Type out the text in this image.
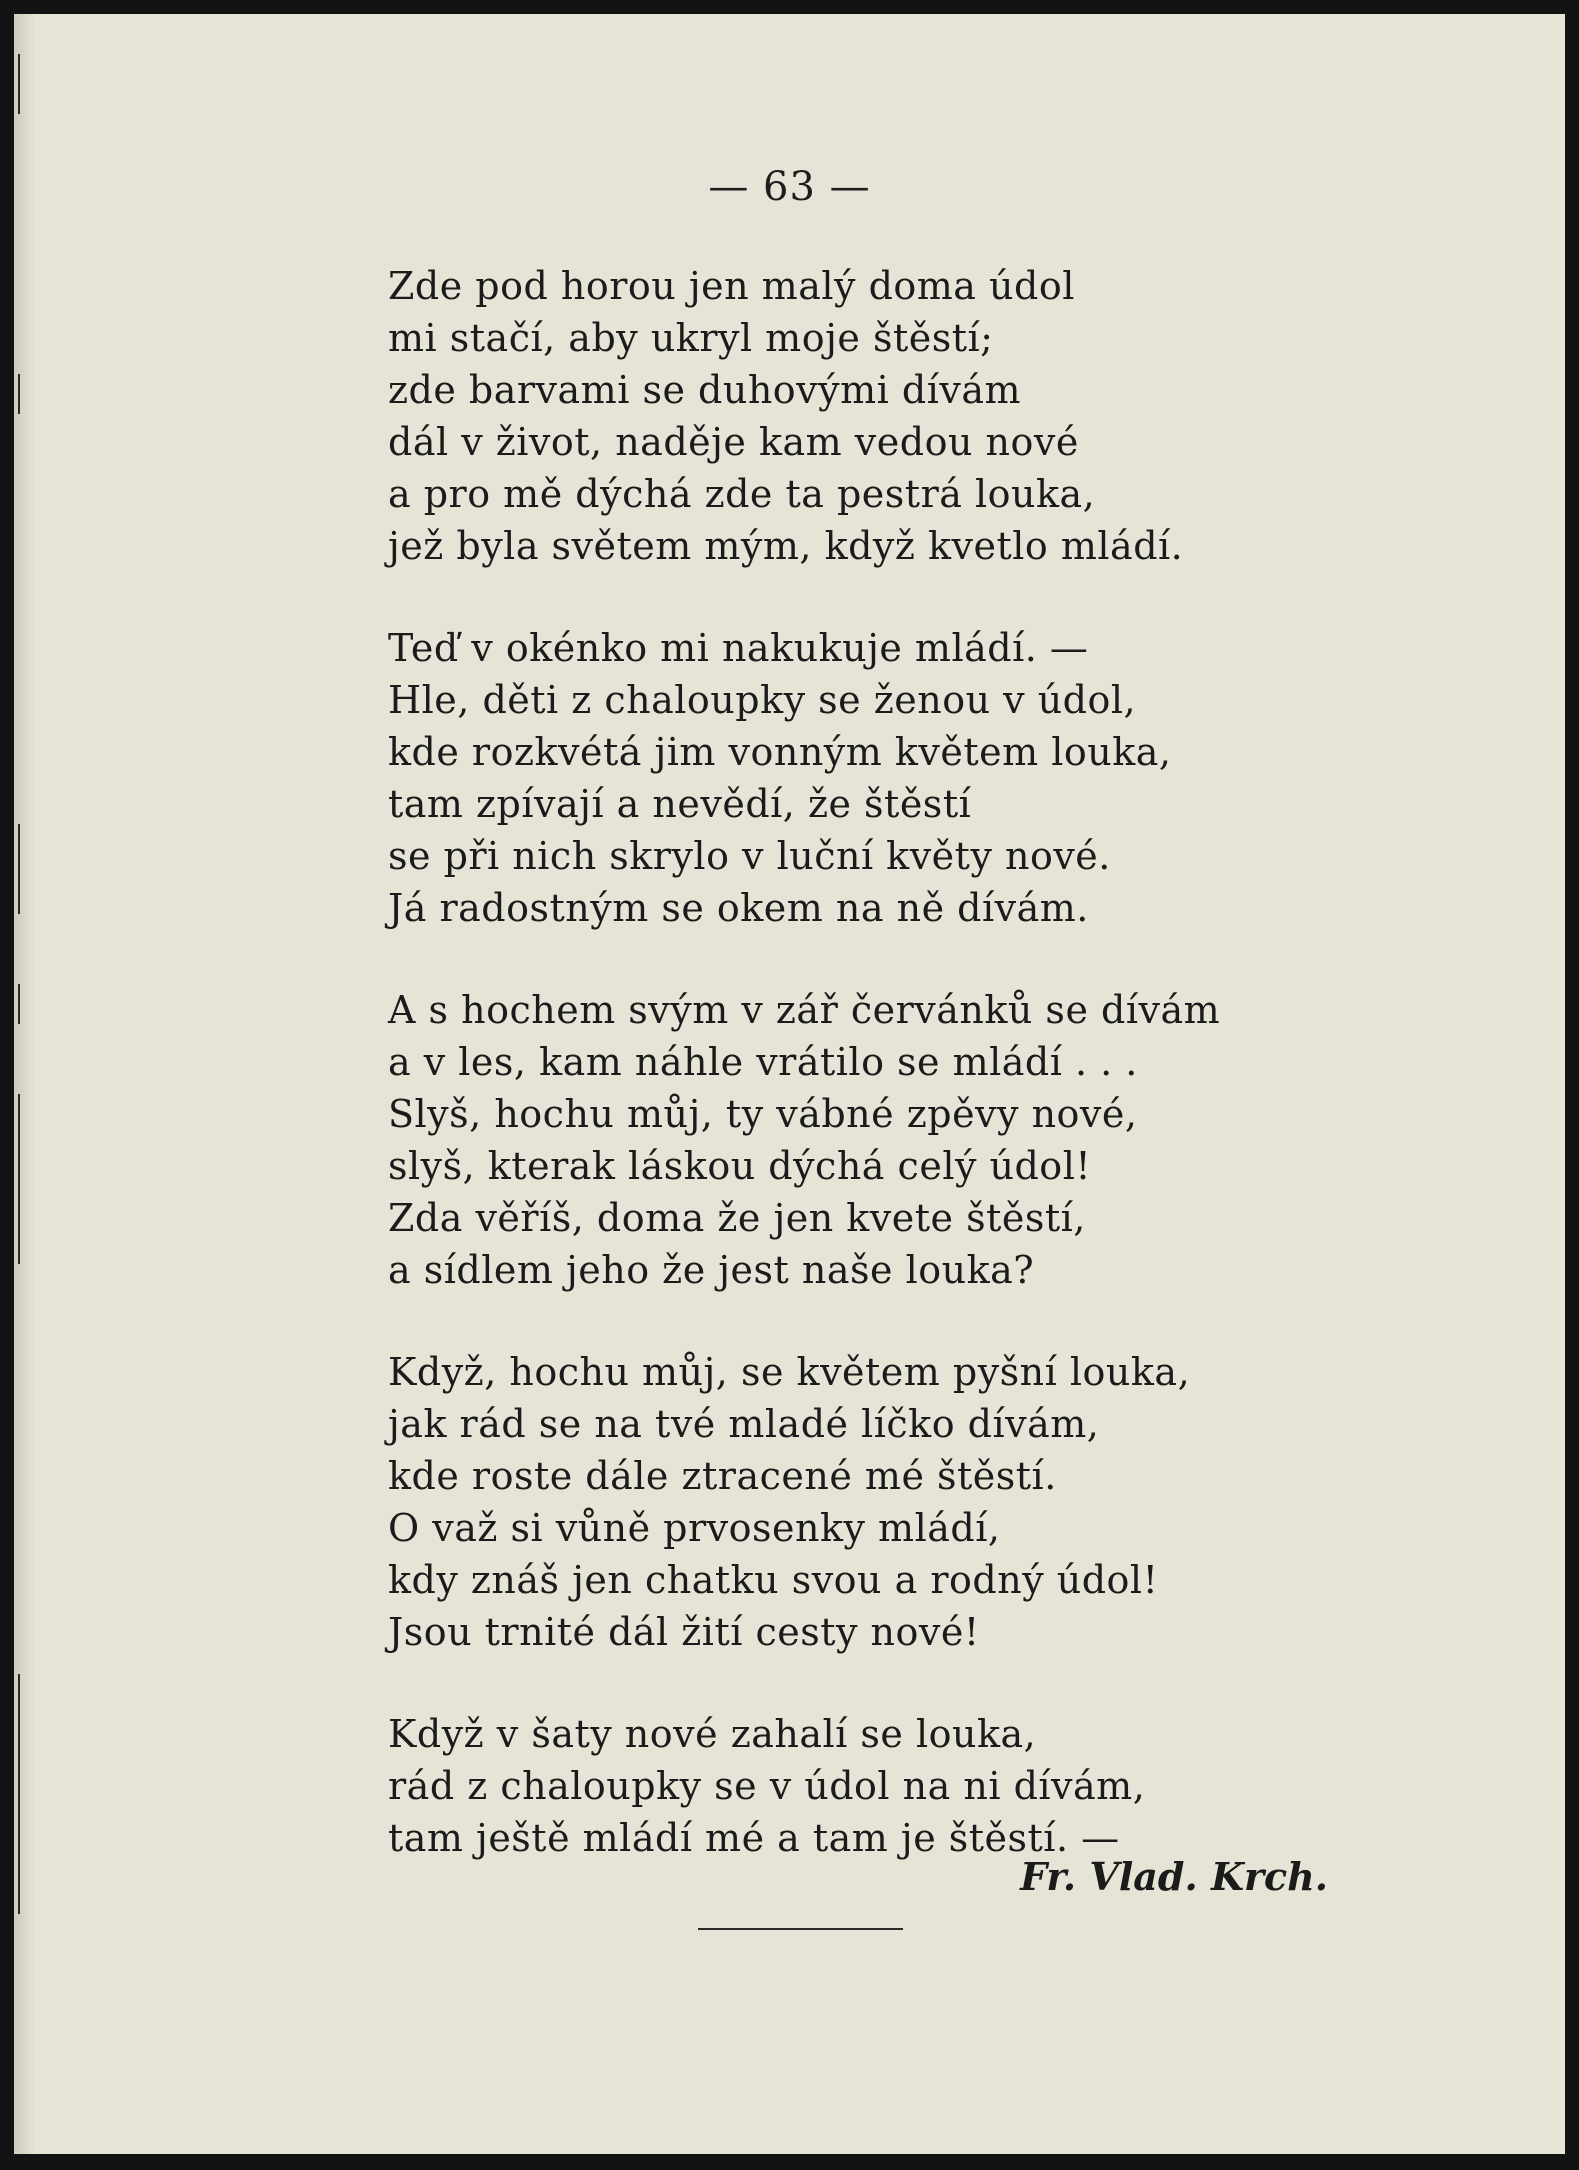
— 63 —
Zde pod horou jen malý doma údol
mi stačí, aby ukryl moje štěstí;
zde barvami se duhovými dívám
dál v život, naděje kam vedou nové
a pro mě dýchá zde ta pestrá louka,
jež byla světem mým, když kvetlo mládí.
Teď v okénko mi nakukuje mládí. —
Hle, děti z chaloupky se ženou v údol,
kde rozkvétá jim vonným květem louka,
tam zpívají a nevědí, že štěstí
se při nich skrylo v luční květy nové.
Já radostným se okem na ně dívám.
A s hochem svým v zář červánků se dívám
a v les, kam náhle vrátilo se mládí . . .
Slyš, hochu můj, ty vábné zpěvy nové,
slyš, kterak láskou dýchá celý údol!
Zda věříš, doma že jen kvete štěstí,
a sídlem jeho že jest naše louka?
Když, hochu můj, se květem pyšní louka,
jak rád se na tvé mladé líčko dívám,
kde roste dále ztracené mé štěstí.
O važ si vůně prvosenky mládí,
kdy znáš jen chatku svou a rodný údol!
Jsou trnité dál žití cesty nové!
Když v šaty nové zahalí se louka,
rád z chaloupky se v údol na ni dívám,
tam ještě mládí mé a tam je štěstí. —
Fr. Vlad. Krch.
